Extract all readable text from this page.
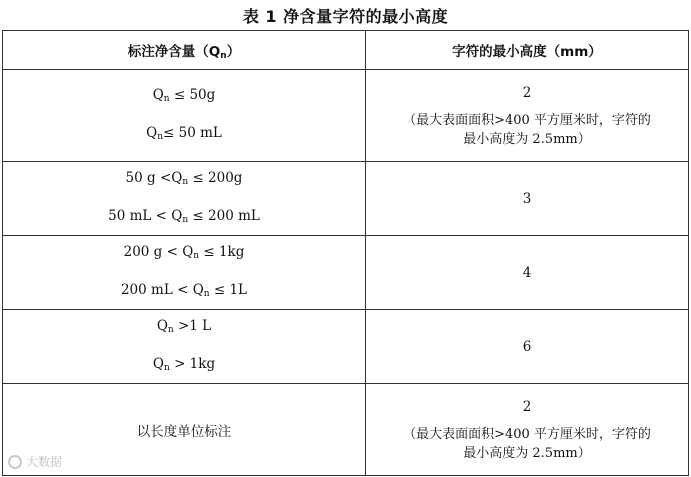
表 1 净含量字符的最小高度
标注净含量$(Q_n)$	字符的最小高度（mm）

$Q_n \le 50g$
$Q_n\le 50$ mL	2
（最大表面面积>400 平方厘米时，字符的
最小高度为 2.5mm）

50 $g <Q_n \le 200g$
50 mL < $Q_n \le 200$ mL	3

200 $g < Q_n \le 1kg$
200 mL < $Q_n \le 1L$	4

$Q_n >1$ L
$Q_n > 1kg$	6
以长度单位标注	2
（最大表面面积>400 平方厘米时，字符的
最小高度为 2.5mm）
大数据
